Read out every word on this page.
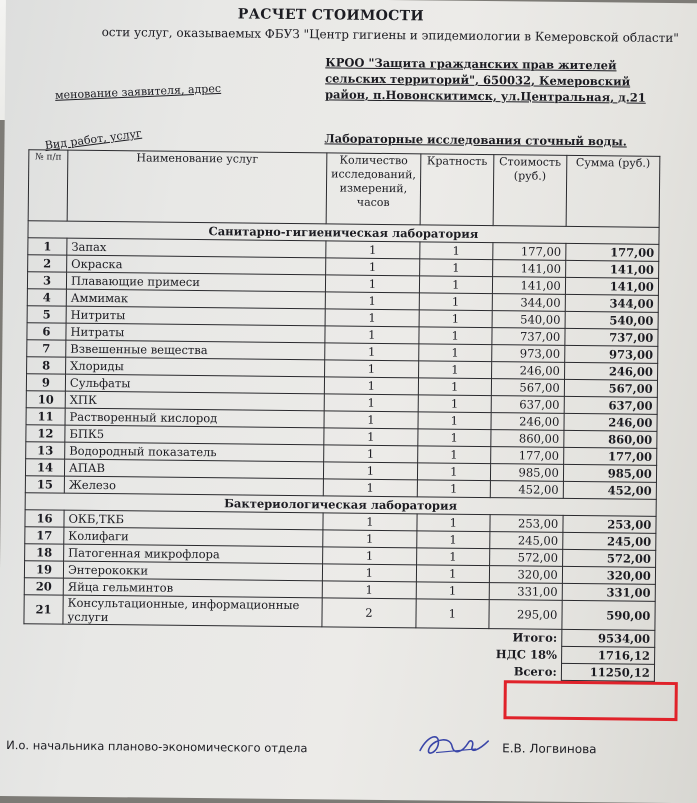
РАСЧЕТ СТОИМОСТИ
ости услуг, оказываемых ФБУЗ "Центр гигиены и эпидемиологии в Кемеровской области"
менование заявителя, адрес
КРОО "Защита гражданских прав жителей сельских территорий", 650032, Кемеровский район, п.Новонскитимск, ул.Центральная, д.21
Вид работ, услуг	Лабораторные исследования сточный воды.
№ п/п	Наименование услуг	Количество исследований, измерений, часов	Кратность	Стоимость (руб.)	Сумма (руб.)
Санитарно-гигиеническая лаборатория					
1	Запах	1	1	177,00	177,00
2	Окраска	1	1	141,00	141,00
3	Плавающие примеси	1	1	141,00	141,00
4	Аммимак	1	1	344,00	344,00
5	Нитриты	1	1	540,00	540,00
6	Нитраты	1	1	737,00	737,00
7	Взвешенные вещества	1	1	973,00	973,00
8	Хлориды	1	1	246,00	246,00
9	Сульфаты	1	1	567,00	567,00
10	ХПК	1	1	637,00	637,00
11	Растворенный кислород	1	1	246,00	246,00
12	БПК5	1	1	860,00	860,00
13	Водородный показатель	1	1	177,00	177,00
14	АПАВ	1	1	985,00	985,00
15	Железо	1	1	452,00	452,00
Бактериологическая лаборатория					
16	ОКБ,ТКБ	1	1	253,00	253,00
17	Колифаги	1	1	245,00	245,00
18	Патогенная микрофлора	1	1	572,00	572,00
19	Энтерококки	1	1	320,00	320,00
20	Яйца гельминтов	1	1	331,00	331,00
21	Консультационные, информационные услуги	2	1	295,00	590,00
				Итого:	9534,00
				НДС 18%	1716,12
				Всего:	11250,12
И.о. начальника планово-экономического отдела	Е.В. Логвинова
